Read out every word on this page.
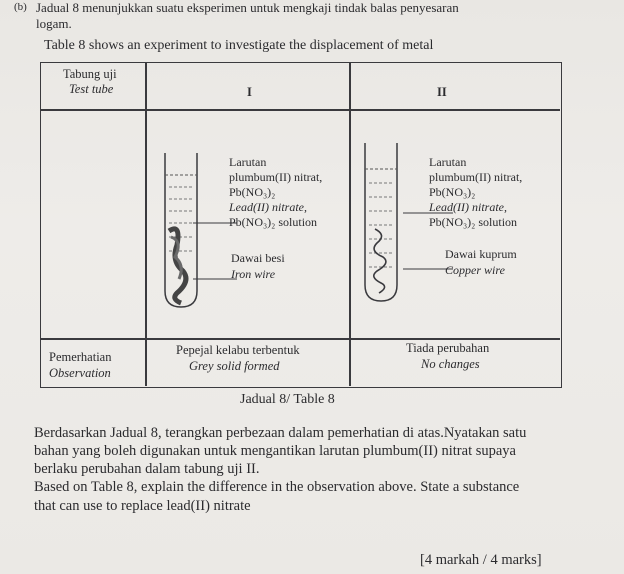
(b) Jadual 8 menunjukkan suatu eksperimen untuk mengkaji tindak balas penyesaran
logam.
Table 8 shows an experiment to investigate the displacement of metal
Tabung uji
Test tube	I	II
Larutan
plumbum(II) nitrat,
Pb(NO₃)₂
Lead(II) nitrate,
Pb(NO₃)₂ solution
Dawai besi
Iron wire
Larutan
plumbum(II) nitrat,
Pb(NO₃)₂
Lead(II) nitrate,
Pb(NO₃)₂ solution
Dawai kuprum
Copper wire
Pemerhatian
Observation
Pepejal kelabu terbentuk
Grey solid formed
Tiada perubahan
No changes
Jadual 8/ Table 8
Berdasarkan Jadual 8, terangkan perbezaan dalam pemerhatian di atas.Nyatakan satu
bahan yang boleh digunakan untuk mengantikan larutan plumbum(II) nitrat supaya
berlaku perubahan dalam tabung uji II.
Based on Table 8, explain the difference in the observation above. State a substance
that can use to replace lead(II) nitrate
[4 markah / 4 marks]
